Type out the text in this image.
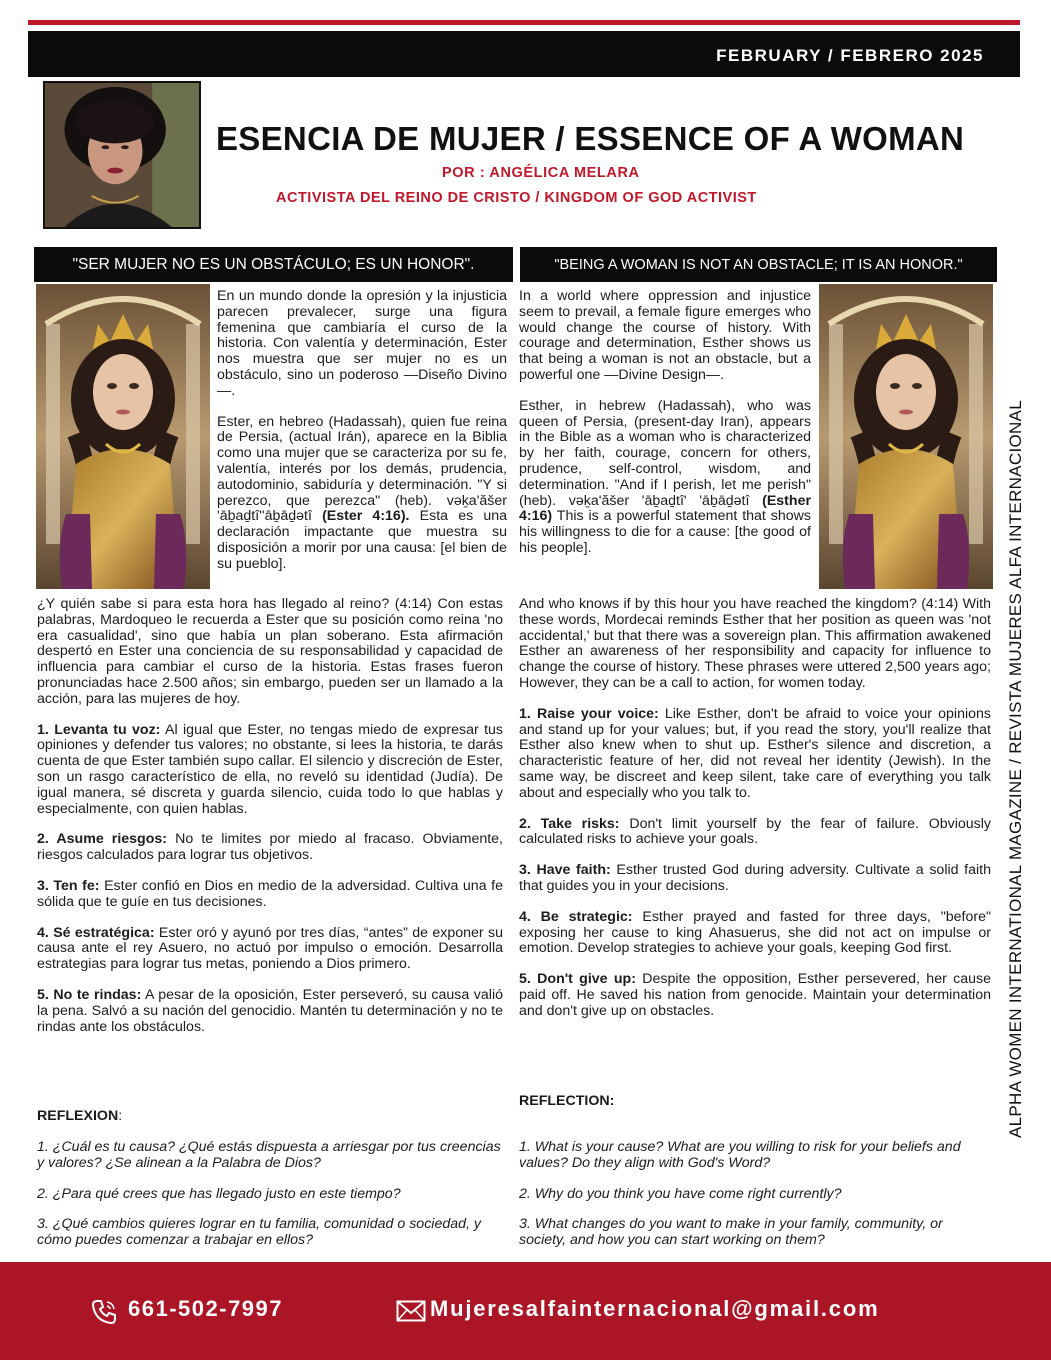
FEBRUARY / FEBRERO 2025
ESENCIA DE MUJER / ESSENCE OF A WOMAN
POR : ANGÉLICA MELARA
ACTIVISTA DEL REINO DE CRISTO / KINGDOM OF GOD ACTIVIST
"SER MUJER NO ES UN OBSTÁCULO; ES UN HONOR".	"BEING A WOMAN IS NOT AN OBSTACLE; IT IS AN HONOR."

En un mundo donde la opresión y la injusticia parecen prevalecer, surge una figura femenina que cambiaría el curso de la historia. Con valentía y determinación, Ester nos muestra que ser mujer no es un obstáculo, sino un poderoso —Diseño Divino—.

Ester, en hebreo (Hadassah), quien fue reina de Persia, (actual Irán), aparece en la Biblia como una mujer que se caracteriza por su fe, valentía, interés por los demás, prudencia, autodominio, sabiduría y determinación. "Y si perezco, que perezca" (heb). vəḵa'ăšer 'āḇaḏtî''āḇāḏətî (Ester 4:16). Esta es una declaración impactante que muestra su disposición a morir por una causa: [el bien de su pueblo].

¿Y quién sabe si para esta hora has llegado al reino? (4:14) Con estas palabras, Mardoqueo le recuerda a Ester que su posición como reina 'no era casualidad', sino que había un plan soberano. Esta afirmación despertó en Ester una conciencia de su responsabilidad y capacidad de influencia para cambiar el curso de la historia. Estas frases fueron pronunciadas hace 2.500 años; sin embargo, pueden ser un llamado a la acción, para las mujeres de hoy.

1. Levanta tu voz: Al igual que Ester, no tengas miedo de expresar tus opiniones y defender tus valores; no obstante, si lees la historia, te darás cuenta de que Ester también supo callar. El silencio y discreción de Ester, son un rasgo característico de ella, no reveló su identidad (Judía). De igual manera, sé discreta y guarda silencio, cuida todo lo que hablas y especialmente, con quien hablas.

2. Asume riesgos: No te limites por miedo al fracaso. Obviamente, riesgos calculados para lograr tus objetivos.

3. Ten fe: Ester confió en Dios en medio de la adversidad. Cultiva una fe sólida que te guíe en tus decisiones.

4. Sé estratégica: Ester oró y ayunó por tres días, “antes” de exponer su causa ante el rey Asuero, no actuó por impulso o emoción. Desarrolla estrategias para lograr tus metas, poniendo a Dios primero.

5. No te rindas: A pesar de la oposición, Ester perseveró, su causa valió la pena. Salvó a su nación del genocidio. Mantén tu determinación y no te rindas ante los obstáculos.

In a world where oppression and injustice seem to prevail, a female figure emerges who would change the course of history. With courage and determination, Esther shows us that being a woman is not an obstacle, but a powerful one —Divine Design—.

Esther, in hebrew (Hadassah), who was queen of Persia, (present-day Iran), appears in the Bible as a woman who is characterized by her faith, courage, concern for others, prudence, self-control, wisdom, and determination. "And if I perish, let me perish" (heb). vəḵa'ăšer 'āḇaḏtî' 'āḇāḏətî (Esther 4:16) This is a powerful statement that shows his willingness to die for a cause: [the good of his people].

And who knows if by this hour you have reached the kingdom? (4:14) With these words, Mordecai reminds Esther that her position as queen was 'not accidental,' but that there was a sovereign plan. This affirmation awakened Esther an awareness of her responsibility and capacity for influence to change the course of history. These phrases were uttered 2,500 years ago; However, they can be a call to action, for women today.

1. Raise your voice: Like Esther, don't be afraid to voice your opinions and stand up for your values; but, if you read the story, you'll realize that Esther also knew when to shut up. Esther's silence and discretion, a characteristic feature of her, did not reveal her identity (Jewish). In the same way, be discreet and keep silent, take care of everything you talk about and especially who you talk to.

2. Take risks: Don't limit yourself by the fear of failure. Obviously calculated risks to achieve your goals.

3. Have faith: Esther trusted God during adversity. Cultivate a solid faith that guides you in your decisions.

4. Be strategic: Esther prayed and fasted for three days, "before" exposing her cause to king Ahasuerus, she did not act on impulse or emotion. Develop strategies to achieve your goals, keeping God first.

5. Don't give up: Despite the opposition, Esther persevered, her cause paid off. He saved his nation from genocide. Maintain your determination and don't give up on obstacles.

REFLEXION:

1. ¿Cuál es tu causa? ¿Qué estás dispuesta a arriesgar por tus creencias y valores? ¿Se alinean a la Palabra de Dios?

2. ¿Para qué crees que has llegado justo en este tiempo?

3. ¿Qué cambios quieres lograr en tu familia, comunidad o sociedad, y cómo puedes comenzar a trabajar en ellos?

REFLECTION:

1. What is your cause? What are you willing to risk for your beliefs and values? Do they align with God's Word?

2. Why do you think you have come right currently?

3. What changes do you want to make in your family, community, or society, and how you can start working on them?

ALPHA WOMEN INTERNATIONAL MAGAZINE / REVISTA MUJERES ALFA INTERNACIONAL
661-502-7997	Mujeresalfainternacional@gmail.com
